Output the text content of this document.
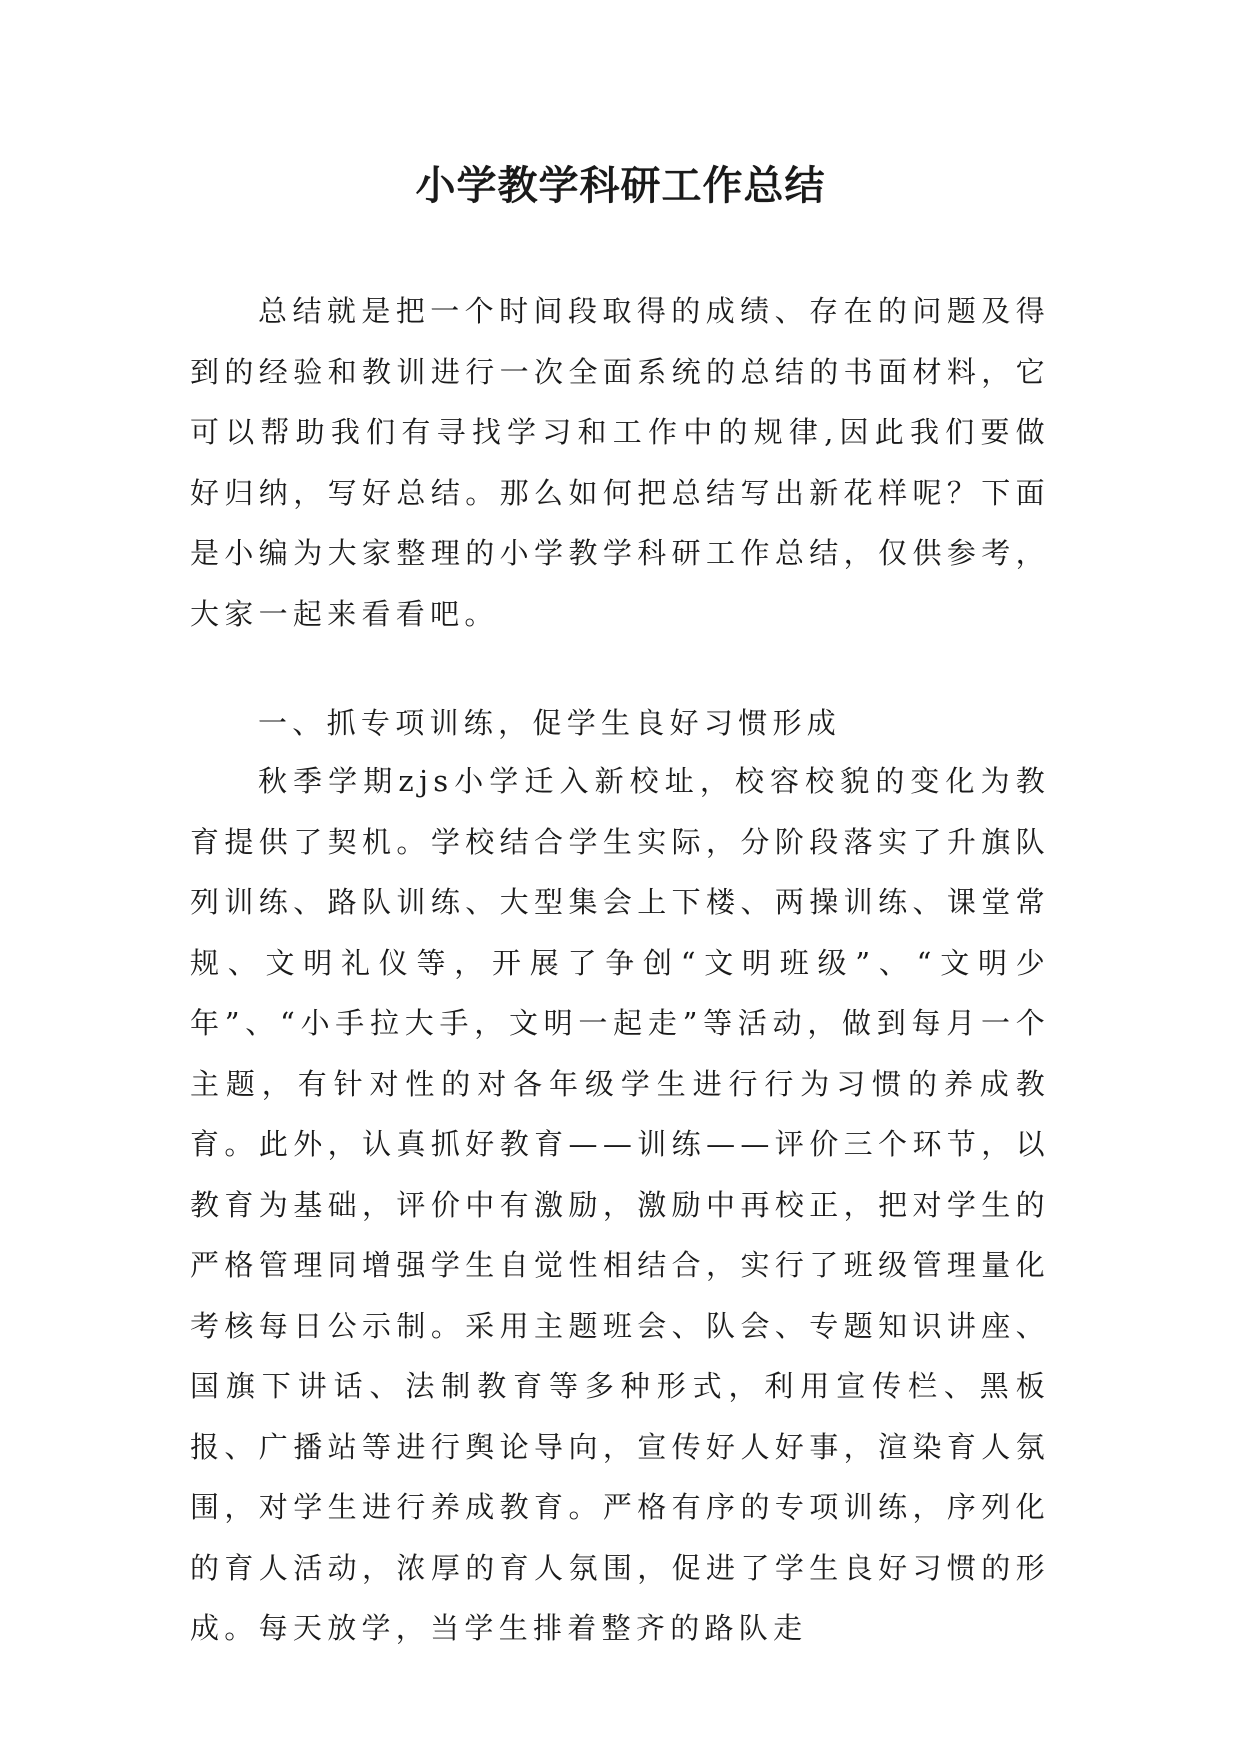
小学教学科研工作总结

总结就是把一个时间段取得的成绩、存在的问题及得到的经验和教训进行一次全面系统的总结的书面材料，它可以帮助我们有寻找学习和工作中的规律,因此我们要做好归纳，写好总结。那么如何把总结写出新花样呢？下面是小编为大家整理的小学教学科研工作总结，仅供参考，大家一起来看看吧。

一、抓专项训练，促学生良好习惯形成

秋季学期zjs小学迁入新校址，校容校貌的变化为教育提供了契机。学校结合学生实际，分阶段落实了升旗队列训练、路队训练、大型集会上下楼、两操训练、课堂常规、文明礼仪等，开展了争创“文明班级”、“文明少年”、“小手拉大手，文明一起走”等活动，做到每月一个主题，有针对性的对各年级学生进行行为习惯的养成教育。此外，认真抓好教育——训练——评价三个环节，以教育为基础，评价中有激励，激励中再校正，把对学生的严格管理同增强学生自觉性相结合，实行了班级管理量化考核每日公示制。采用主题班会、队会、专题知识讲座、国旗下讲话、法制教育等多种形式，利用宣传栏、黑板报、广播站等进行舆论导向，宣传好人好事，渲染育人氛围，对学生进行养成教育。严格有序的专项训练，序列化的育人活动，浓厚的育人氛围，促进了学生良好习惯的形成。每天放学，当学生排着整齐的路队走
